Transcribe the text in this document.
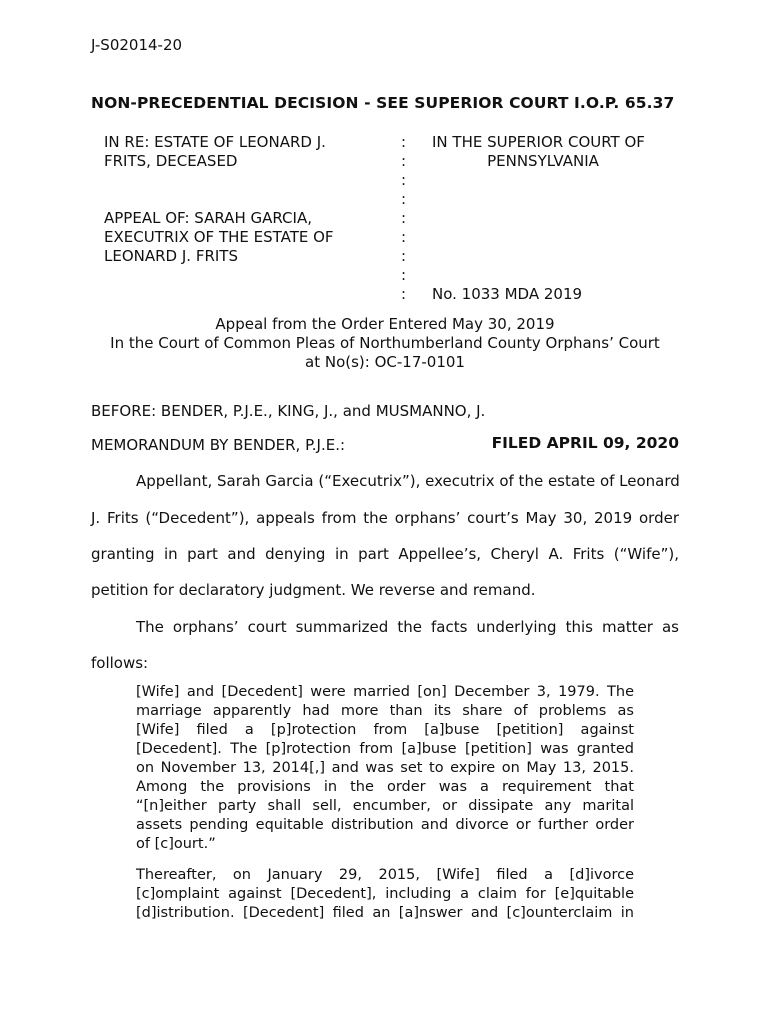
J-S02014-20
NON-PRECEDENTIAL DECISION - SEE SUPERIOR COURT I.O.P. 65.37
IN RE: ESTATE OF LEONARD J.
FRITS, DECEASED
APPEAL OF: SARAH GARCIA,
EXECUTRIX OF THE ESTATE OF
LEONARD J. FRITS
:
:
:
:
:
:
:
:
:
IN THE SUPERIOR COURT OF
PENNSYLVANIA
No. 1033 MDA 2019
Appeal from the Order Entered May 30, 2019
In the Court of Common Pleas of Northumberland County Orphans’ Court
at No(s): OC-17-0101
BEFORE: BENDER, P.J.E., KING, J., and MUSMANNO, J.
MEMORANDUM BY BENDER, P.J.E.:	FILED APRIL 09, 2020
Appellant, Sarah Garcia (“Executrix”), executrix of the estate of Leonard
J. Frits (“Decedent”), appeals from the orphans’ court’s May 30, 2019 order
granting in part and denying in part Appellee’s, Cheryl A. Frits (“Wife”),
petition for declaratory judgment. We reverse and remand.
The orphans’ court summarized the facts underlying this matter as
follows:
[Wife] and [Decedent] were married [on] December 3, 1979. The
marriage apparently had more than its share of problems as
[Wife] filed a [p]rotection from [a]buse [petition] against
[Decedent]. The [p]rotection from [a]buse [petition] was granted
on November 13, 2014[,] and was set to expire on May 13, 2015.
Among the provisions in the order was a requirement that
“[n]either party shall sell, encumber, or dissipate any marital
assets pending equitable distribution and divorce or further order
of [c]ourt.”
Thereafter, on January 29, 2015, [Wife] filed a [d]ivorce
[c]omplaint against [Decedent], including a claim for [e]quitable
[d]istribution. [Decedent] filed an [a]nswer and [c]ounterclaim in
